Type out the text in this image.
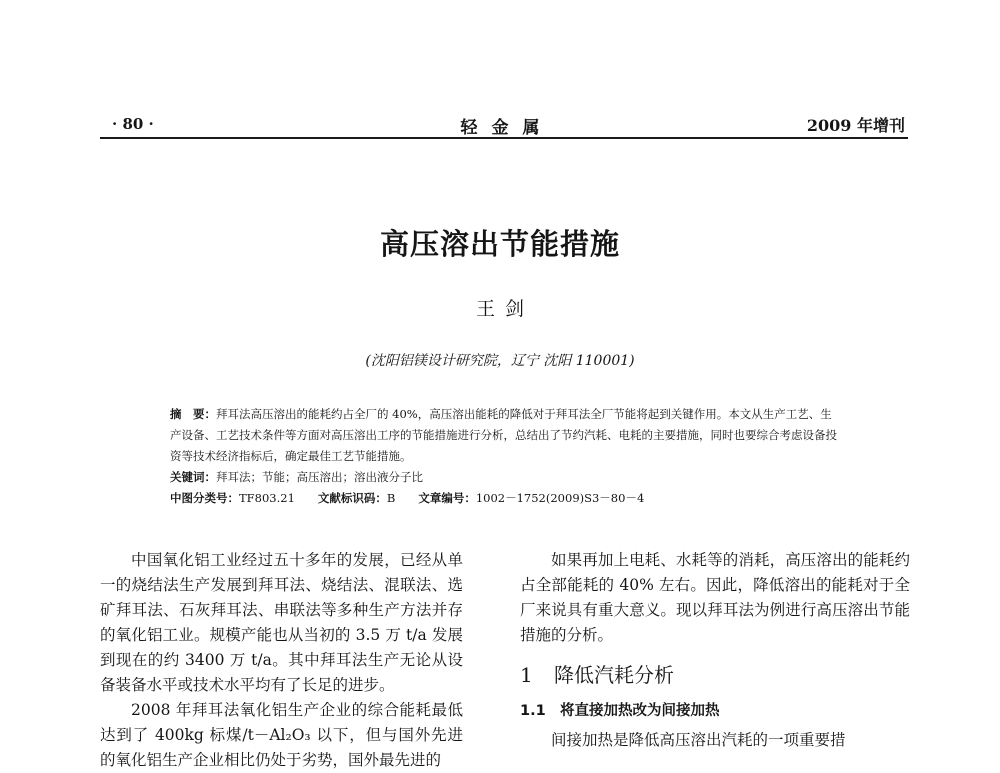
· 80 ·	轻金属	2009 年增刊
高压溶出节能措施
王剑
(沈阳铝镁设计研究院，辽宁 沈阳 110001)

摘　要：拜耳法高压溶出的能耗约占全厂的 40%，高压溶出能耗的降低对于拜耳法全厂节能将起到关键作用。本文从生产工艺、生产设备、工艺技术条件等方面对高压溶出工序的节能措施进行分析，总结出了节约汽耗、电耗的主要措施，同时也要综合考虑设备投资等技术经济指标后，确定最佳工艺节能措施。

关键词：拜耳法；节能；高压溶出；溶出液分子比

中图分类号：TF803.21　　 文献标识码：B　　 文章编号：1002－1752(2009)S3－80－4

中国氧化铝工业经过五十多年的发展，已经从单一的烧结法生产发展到拜耳法、烧结法、混联法、选矿拜耳法、石灰拜耳法、串联法等多种生产方法并存的氧化铝工业。规模产能也从当初的 3.5 万 t/a 发展到现在的约 3400 万 t/a。其中拜耳法生产无论从设备装备水平或技术水平均有了长足的进步。

2008 年拜耳法氧化铝生产企业的综合能耗最低达到了 400kg 标煤/t－Al₂O₃ 以下，但与国外先进的氧化铝生产企业相比仍处于劣势，国外最先进的

如果再加上电耗、水耗等的消耗，高压溶出的能耗约占全部能耗的 40% 左右。因此，降低溶出的能耗对于全厂来说具有重大意义。现以拜耳法为例进行高压溶出节能措施的分析。

1 降低汽耗分析
1.1 将直接加热改为间接加热

间接加热是降低高压溶出汽耗的一项重要措
